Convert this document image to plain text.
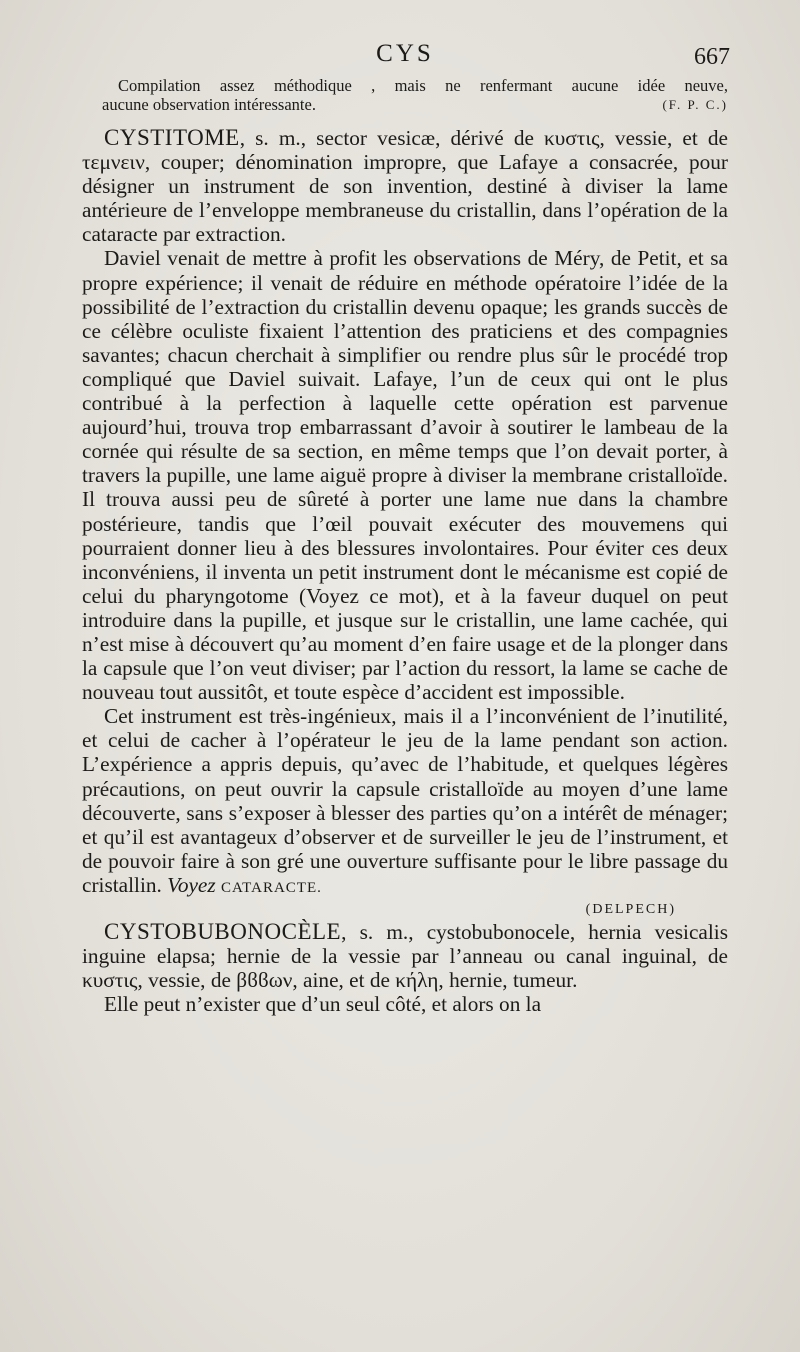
CYS	667
Compilation assez méthodique , mais ne renfermant aucune idée neuve,
aucune observation intéressante.	(F. P. C.)

CYSTITOME, s. m., sector vesicæ, dérivé de κυστις, vessie, et de τεμνειν, couper; dénomination impropre, que Lafaye a consacrée, pour désigner un instrument de son invention, destiné à diviser la lame antérieure de l’enveloppe membraneuse du cristallin, dans l’opération de la cataracte par extraction.

Daviel venait de mettre à profit les observations de Méry, de Petit, et sa propre expérience; il venait de réduire en méthode opératoire l’idée de la possibilité de l’extraction du cristallin devenu opaque; les grands succès de ce célèbre oculiste fixaient l’attention des praticiens et des compagnies savantes; chacun cherchait à simplifier ou rendre plus sûr le procédé trop compliqué que Daviel suivait. Lafaye, l’un de ceux qui ont le plus contribué à la perfection à laquelle cette opération est parvenue aujourd’hui, trouva trop embarrassant d’avoir à soutirer le lambeau de la cornée qui résulte de sa section, en même temps que l’on devait porter, à travers la pupille, une lame aiguë propre à diviser la membrane cristalloïde. Il trouva aussi peu de sûreté à porter une lame nue dans la chambre postérieure, tandis que l’œil pouvait exécuter des mouvemens qui pourraient donner lieu à des blessures involontaires. Pour éviter ces deux inconvéniens, il inventa un petit instrument dont le mécanisme est copié de celui du pharyngotome (Voyez ce mot), et à la faveur duquel on peut introduire dans la pupille, et jusque sur le cristallin, une lame cachée, qui n’est mise à découvert qu’au moment d’en faire usage et de la plonger dans la capsule que l’on veut diviser; par l’action du ressort, la lame se cache de nouveau tout aussitôt, et toute espèce d’accident est impossible.

Cet instrument est très-ingénieux, mais il a l’inconvénient de l’inutilité, et celui de cacher à l’opérateur le jeu de la lame pendant son action. L’expérience a appris depuis, qu’avec de l’habitude, et quelques légères précautions, on peut ouvrir la capsule cristalloïde au moyen d’une lame découverte, sans s’exposer à blesser des parties qu’on a intérêt de ménager; et qu’il est avantageux d’observer et de surveiller le jeu de l’instrument, et de pouvoir faire à son gré une ouverture suffisante pour le libre passage du cristallin. Voyez CATARACTE.

(DELPECH)

CYSTOBUBONOCÈLE, s. m., cystobubonocele, hernia vesicalis inguine elapsa; hernie de la vessie par l’anneau ou canal inguinal, de κυστις, vessie, de βϐϐων, aine, et de κήλη, hernie, tumeur.

Elle peut n’exister que d’un seul côté, et alors on la
